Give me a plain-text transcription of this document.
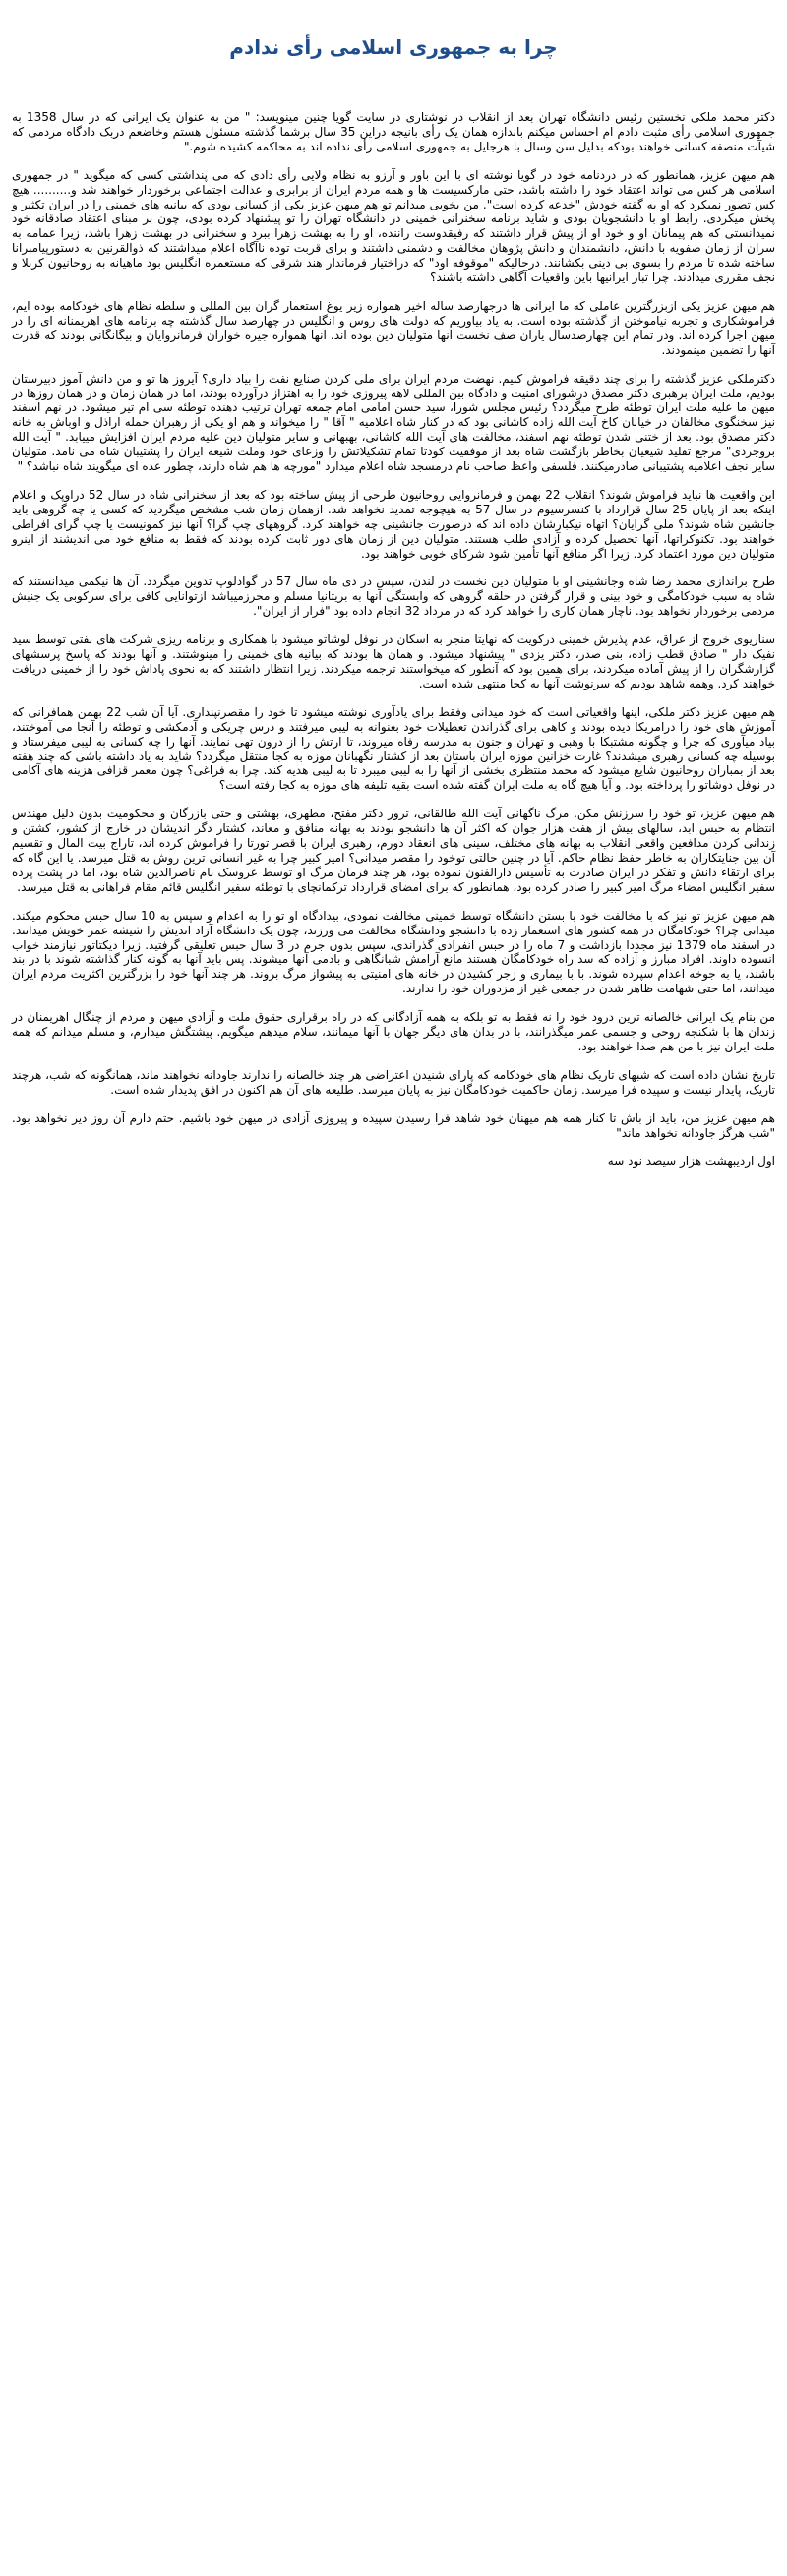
چرا به جمهوری اسلامی رأی ندادم

دکتر محمد ملکی نخستین رئیس دانشگاه تهران بعد از انقلاب در نوشتاری در سایت گویا چنین مینویسد: " من به عنوان یک ایرانی که در سال 1358 به جمهوری اسلامی رأی مثبت دادم ام احساس میکنم باندازه همان یک رأی بانیجه دراین 35 سال برشما گذشته مسئول هستم وخاضعم دربک دادگاه مردمی که شیآت منصفه کسانی خواهند بودکه بدلیل سن وسال با هرجایل به جمهوری اسلامی رأی نداده اند به محاکمه کشیده شوم."

هم میهن عزیز، همانطور که در دردنامه خود در گویا نوشته ای با این باور و آرزو به نظام ولایی رأی دادی که می پنداشتی کسی که میگوید " در جمهوری اسلامی هر کس می تواند اعتقاد خود را داشته باشد، حتی مارکسیست ها و همه مردم ایران از برابری و عدالت اجتماعی برخوردار خواهند شد و.......... هیچ کس تصور نمیکرد که او به گفته خودش "خدعه کرده است". من بخوبی میدانم تو هم میهن عزیز یکی از کسانی بودی که بیانیه های خمینی را در ایران تکثیر و پخش میکردی. رابط او با دانشجویان بودی و شاید برنامه سخنرانی خمینی در دانشگاه تهران را تو پیشنهاد کرده بودی، چون بر مبنای اعتقاد صادقانه خود نمیدانستی که هم پیمانان او و خود او از پیش قرار داشتند که رفیقدوست راننده، او را به بهشت زهرا ببرد و سخنرانی در بهشت زهرا باشد، زیرا عمامه به سران از زمان صفویه با دانش، دانشمندان و دانش پژوهان مخالفت و دشمنی داشتند و برای قربت توده ناآگاه اعلام میداشتند که ذوالقرنین به دستورپیامبرانا ساخته شده تا مردم را بسوی بی دینی بکشانند. درحالیکه "موقوفه اود" که دراختیار فرماندار هند شرقی که مستعمره انگلیس بود ماهیانه به روحانیون کربلا و نجف مقرری میدادند. چرا تبار ایرانیها باین واقعیات آگاهی داشته باشند؟

هم میهن عزیز یکی ازبزرگترین عاملی که ما ایرانی ها درجهارصد ساله اخیر همواره زیر یوغ استعمار گران بین المللی و سلطه نظام های خودکامه بوده ایم، فراموشکاری و تجربه نیاموختن از گذشته بوده است. به یاد بیاوریم که دولت های روس و انگلیس در چهارصد سال گذشته چه برنامه های اهریمنانه ای را در میهن اجرا کرده اند. ودر تمام این چهارصدسال یاران صف نخست آنها متولیان دین بوده اند. آنها همواره جیره خواران فرمانروایان و بیگانگانی بودند که قدرت آنها را تضمین مینمودند.

دکترملکی عزیز گذشته را برای چند دقیقه فراموش کنیم. نهضت مردم ایران برای ملی کردن صنایع نفت را بیاد داری؟ آیروز ها تو و من دانش آموز دبیرستان بودیم، ملت ایران برهبری دکتر مصدق درشورای امنیت و دادگاه بین المللی لاهه پیروزی خود را به اهتزاز درآورده بودند، اما در همان زمان و در همان روزها در میهن ما علیه ملت ایران توطئه طرح میگردد؟ رئیس مجلس شورا، سید حسن امامی امام جمعه تهران ترتیب دهنده توطئه سی ام تیر میشود. در نهم اسفند نیز سخنگوی مخالفان در خیابان کاخ آیت الله زاده کاشانی بود که در کنار شاه اعلامیه " آقا " را میخواند و هم او یکی از رهبران حمله اراذل و اوباش به خانه دکتر مصدق بود. بعد از ختنی شدن توطئه نهم اسفند، مخالفت های آیت الله کاشانی، بهبهانی و سایر متولیان دین علیه مردم ایران افزایش مییابد. " آیت الله بروجردی" مرجع تقلید شیعیان بخاطر بازگشت شاه بعد از موفقیت کودتا تمام تشکیلاتش را وزعای خود وملت شیعه ایران را پشتیبان شاه می نامد. متولیان سایر نجف اعلامیه پشتیبانی صادرمیکنند. فلسفی واعظ صاحب نام درمسجد شاه اعلام میدارد "مورچه ها هم شاه دارند، چطور عده ای میگویند شاه نباشد؟ "

این واقعیت ها نباید فراموش شوند؟ انقلاب 22 بهمن و فرمانروایی روحانیون طرحی از پیش ساخته بود که بعد از سخنرانی شاه در سال 52 دراوپک و اعلام اینکه بعد از پایان 25 سال قرارداد با کنسرسیوم در سال 57 به هیچوجه تمدید نخواهد شد. ازهمان زمان شب مشخص میگردید که کسی یا چه گروهی باید جانشین شاه شوند؟ ملی گرایان؟ اتهاه نیکبارشان داده اند که درصورت جانشینی چه خواهند کرد. گروههای چپ گرا؟ آنها نیز کمونیست یا چپ گرای افراطی خواهند بود. تکنوکراتها، آنها تحصیل کرده و آزادی طلب هستند. متولیان دین از زمان های دور ثابت کرده بودند که فقط به منافع خود می اندیشند از اینرو متولیان دین مورد اعتماد کرد. زیرا اگر منافع آنها تأمین شود شرکای خوبی خواهند بود.

طرح براندازی محمد رضا شاه وجانشینی او با متولیان دین نخست در لندن، سپس در دی ماه سال 57 در گوادلوپ تدوین میگردد. آن ها نیکمی میدانستند که شاه به سبب خودکامگی و خود بینی و قرار گرفتن در حلقه گروهی که وابستگی آنها به بریتانیا مسلم و محرزمیباشد ازتوانایی کافی برای سرکوبی یک جنبش مردمی برخوردار نخواهد بود. ناچار همان کاری را خواهد کرد که در مرداد 32 انجام داده بود "فرار از ایران".

سناریوی خروج از عراق، عدم پذیرش خمینی درکویت که نهایتا منجر به اسکان در نوفل لوشاتو میشود با همکاری و برنامه ریزی شرکت های نفتی توسط سید نفیک دار " صادق قطب زاده، بنی صدر، دکتر یزدی " پیشنهاد میشود. و همان ها بودند که بیانیه های خمینی را مینوشتند. و آنها بودند که پاسخ پرسشهای گزارشگران را از پیش آماده میکردند، برای همین بود که آنطور که میخواستند ترجمه میکردند. زیرا انتظار داشتند که به نحوی پاداش خود را از خمینی دریافت خواهند کرد. وهمه شاهد بودیم که سرنوشت آنها به کجا منتهی شده است.

هم میهن عزیز دکتر ملکی، اینها واقعیاتی است که خود میدانی وفقط برای یادآوری نوشته میشود تا خود را مقصرنپنداری. آیا آن شب 22 بهمن همافرانی که آموزش های خود را درامریکا دیده بودند و کاهی برای گذراندن تعطیلات خود بعنوانه به لیبی میرفتند و درس چریکی و آدمکشی و توطئه را آنجا می آموختند، بیاد میآوری که چرا و چگونه مشتبکا با وهبی و تهران و جنون به مدرسه رفاه میروند، تا ارتش را از درون تهی نمایند. آنها را چه کسانی به لیبی میفرستاد و بوسیله چه کسانی رهبری میشدند؟ غارت خزانین موزه ایران باستان بعد از کشتار نگهبانان موزه به کجا منتقل میگردد؟ شاید به یاد داشته باشی که چند هفته بعد از بمباران روحانیون شایع میشود که محمد منتظری بخشی از آنها را به لیبی میبرد تا به لیبی هدیه کند. چرا به فراغی؟ چون معمر قزافی هزینه های آکامی در نوفل دوشاتو را پرداخته بود. و آیا هیچ گاه به ملت ایران گفته شده است بقیه تلیفه های موزه به کجا رفته است؟

هم میهن عزیز، تو خود را سرزنش مکن. مرگ ناگهانی آیت الله طالقانی، ترور دکتر مفتح، مطهری، بهشتی و حتی بازرگان و محکومیت بدون دلیل مهندس انتظام به حبس ابد، سالهای بیش از هفت هزار جوان که اکثر آن ها دانشجو بودند به بهانه منافق و معاند، کشتار دگر اندیشان در خارج از کشور، کشتن و زندانی کردن مدافعین واقعی انقلاب به بهانه های مختلف، سینی های انعقاد دورم، رهبری ایران با قصر تورتا را فراموش کرده اند، تاراج بیت المال و تقسیم آن بین جنایتکاران به خاطر حفظ نظام حاکم. آیا در چنین حالتی توخود را مقصر میدانی؟ امیر کبیر چرا به غیر انسانی ترین روش به قتل میرسد. یا این گاه که برای ارتقاء دانش و تفکر در ایران صادرت به تأسیس دارالفنون نموده بود، هر چند فرمان مرگ او توسط عروسک نام ناصرالدین شاه بود، اما در پشت پرده سفیر انگلیس امضاء مرگ امیر کبیر را صادر کرده بود، همانطور که برای امضای قرارداد ترکمانچای با توطئه سفیر انگلیس قائم مقام فراهانی به قتل میرسد.

هم میهن عزیز تو نیز که با مخالفت خود با بستن دانشگاه توسط خمینی مخالفت نمودی، بیدادگاه او تو را به اعدام و سپس به 10 سال حبس محکوم میکند. میدانی چرا؟ خودکامگان در همه کشور های استعمار زده با دانشجو ودانشگاه مخالفت می ورزند، چون یک دانشگاه آزاد اندیش را شیشه عمر خویش میدانند. در اسفند ماه 1379 نیز مجددا بازداشت و 7 ماه را در حبس انفرادی گذراندی، سپس بدون جرم در 3 سال حبس تعلیقی گرفتید. زیرا دیکتاتور نیازمند خواب انسوده داوند. افراد مبارز و آزاده که سد راه خودکامگان هستند مانع آرامش شبانگاهی و بادمی آنها میشوند. پس باید آنها به گونه کنار گذاشته شوند با در بند باشند، یا به جوخه اعدام سپرده شوند. با با بیماری و زجر کشیدن در خانه های امنیتی به پیشواز مرگ بروند. هر چند آنها خود را بزرگترین اکثریت مردم ایران میدانند، اما حتی شهامت ظاهر شدن در جمعی غیر از مزدوران خود را ندارند.

من بنام یک ایرانی خالصانه ترین درود خود را نه فقط به تو بلکه به همه آزادگانی که در راه برقراری حقوق ملت و آزادی میهن و مردم از چنگال اهریمنان در زندان ها با شکنجه روحی و جسمی عمر میگذرانند، با در بدان های دیگر جهان با آنها میمانند، سلام میدهم میگویم. پیشتگش میدارم، و مسلم میدانم که همه ملت ایران نیز با من هم صدا خواهند بود.

تاریخ نشان داده است که شبهای تاریک نظام های خودکامه که پارای شنیدن اعتراضی هر چند خالصانه را ندارند جاودانه نخواهند ماند، همانگونه که شب، هرچند تاریک، پایدار نیست و سپیده فرا میرسد. زمان حاکمیت خودکامگان نیز به پایان میرسد. طلیعه های آن هم اکنون در افق پدیدار شده است.

هم میهن عزیز من، باید از باش تا کنار همه هم میهنان خود شاهد فرا رسیدن سپیده و پیروزی آزادی در میهن خود باشیم. حتم دارم آن روز دیر نخواهد بود. "شب هرگز جاودانه نخواهد ماند"

اول اردیبهشت هزار سیصد نود سه
